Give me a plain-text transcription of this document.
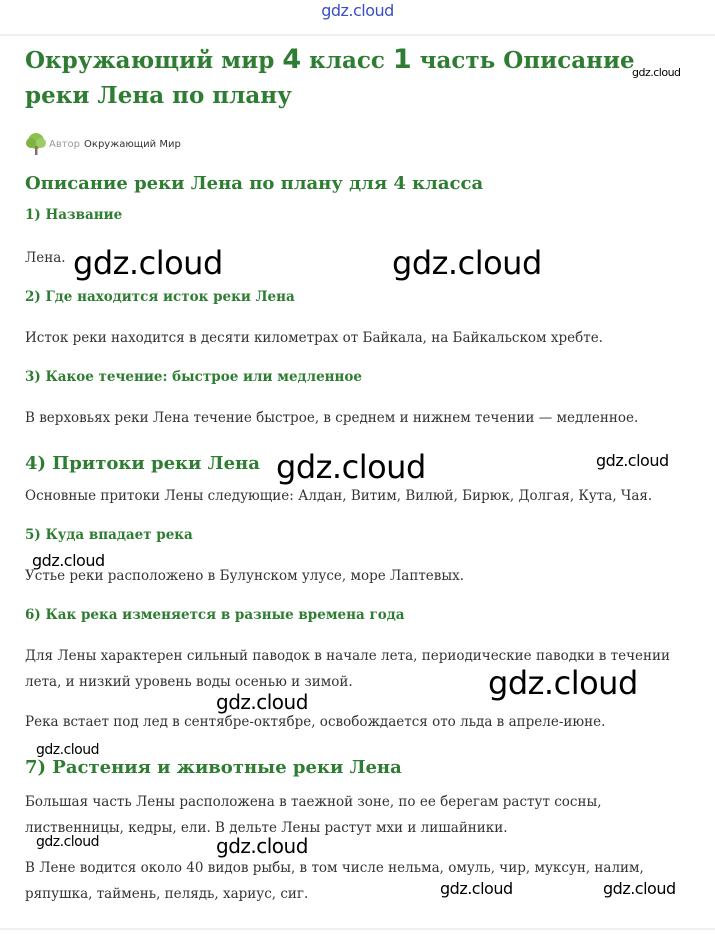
gdz.cloud
Окружающий мир 4 класс 1 часть Описание реки Лена по плану
Автор Окружающий Мир
Описание реки Лена по плану для 4 класса
1) Название

Лена.

2) Где находится исток реки Лена

Исток реки находится в десяти километрах от Байкала, на Байкальском хребте.

3) Какое течение: быстрое или медленное

В верховьях реки Лена течение быстрое, в среднем и нижнем течении — медленное.

4) Притоки реки Лена

Основные притоки Лены следующие: Алдан, Витим, Вилюй, Бирюк, Долгая, Кута, Чая.

5) Куда впадает река

Устье реки расположено в Булунском улусе, море Лаптевых.

6) Как река изменяется в разные времена года

Для Лены характерен сильный паводок в начале лета, периодические паводки в течении лета, и низкий уровень воды осенью и зимой.

Река встает под лед в сентябре-октябре, освобождается ото льда в апреле-июне.

7) Растения и животные реки Лена

Большая часть Лены расположена в таежной зоне, по ее берегам растут сосны, лиственницы, кедры, ели. В дельте Лены растут мхи и лишайники.

В Лене водится около 40 видов рыбы, в том числе нельма, омуль, чир, муксун, налим, ряпушка, таймень, пелядь, хариус, сиг.

gdz.cloud
gdz.cloud	gdz.cloud
gdz.cloud	gdz.cloud
gdz.cloud
gdz.cloud
gdz.cloud
gdz.cloud
gdz.cloud	gdz.cloud
gdz.cloud	gdz.cloud
